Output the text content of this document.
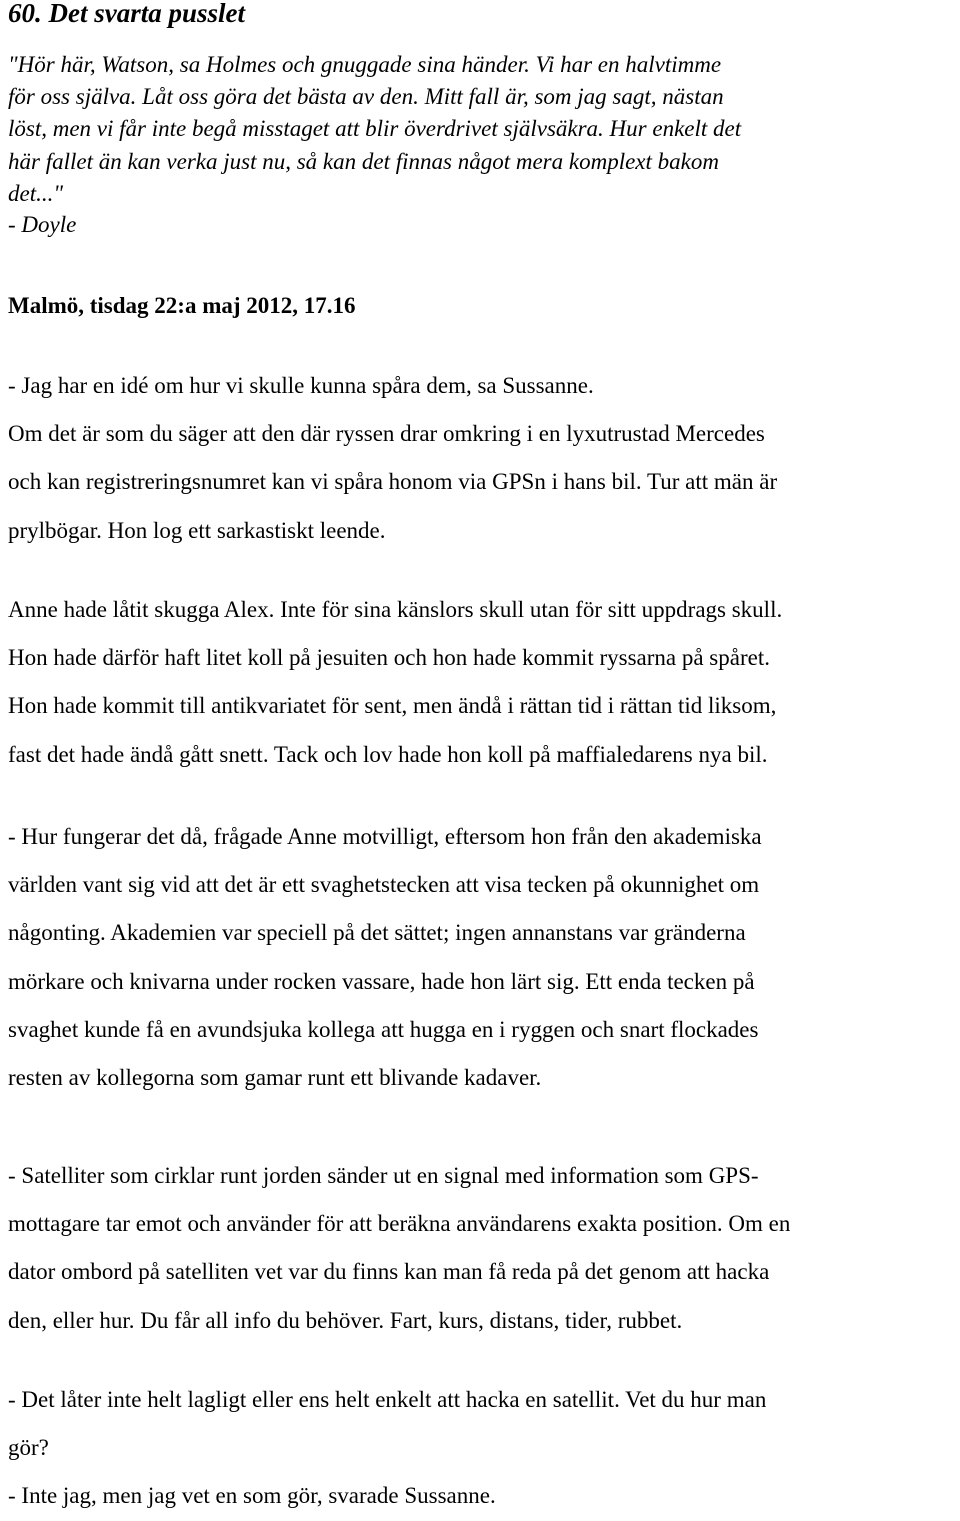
60. Det svarta pusslet
"Hör här, Watson, sa Holmes och gnuggade sina händer. Vi har en halvtimme
för oss själva. Låt oss göra det bästa av den. Mitt fall är, som jag sagt, nästan
löst, men vi får inte begå misstaget att blir överdrivet självsäkra. Hur enkelt det
här fallet än kan verka just nu, så kan det finnas något mera komplext bakom
det..."
- Doyle
Malmö, tisdag 22:a maj 2012, 17.16
- Jag har en idé om hur vi skulle kunna spåra dem, sa Sussanne.
Om det är som du säger att den där ryssen drar omkring i en lyxutrustad Mercedes
och kan registreringsnumret kan vi spåra honom via GPSn i hans bil. Tur att män är
prylbögar. Hon log ett sarkastiskt leende.
Anne hade låtit skugga Alex. Inte för sina känslors skull utan för sitt uppdrags skull.
Hon hade därför haft litet koll på jesuiten och hon hade kommit ryssarna på spåret.
Hon hade kommit till antikvariatet för sent, men ändå i rättan tid i rättan tid liksom,
fast det hade ändå gått snett. Tack och lov hade hon koll på maffialedarens nya bil.
- Hur fungerar det då, frågade Anne motvilligt, eftersom hon från den akademiska
världen vant sig vid att det är ett svaghetstecken att visa tecken på okunnighet om
någonting. Akademien var speciell på det sättet; ingen annanstans var gränderna
mörkare och knivarna under rocken vassare, hade hon lärt sig. Ett enda tecken på
svaghet kunde få en avundsjuka kollega att hugga en i ryggen och snart flockades
resten av kollegorna som gamar runt ett blivande kadaver.
- Satelliter som cirklar runt jorden sänder ut en signal med information som GPS-
mottagare tar emot och använder för att beräkna användarens exakta position. Om en
dator ombord på satelliten vet var du finns kan man få reda på det genom att hacka
den, eller hur. Du får all info du behöver. Fart, kurs, distans, tider, rubbet.
- Det låter inte helt lagligt eller ens helt enkelt att hacka en satellit. Vet du hur man
gör?
- Inte jag, men jag vet en som gör, svarade Sussanne.
